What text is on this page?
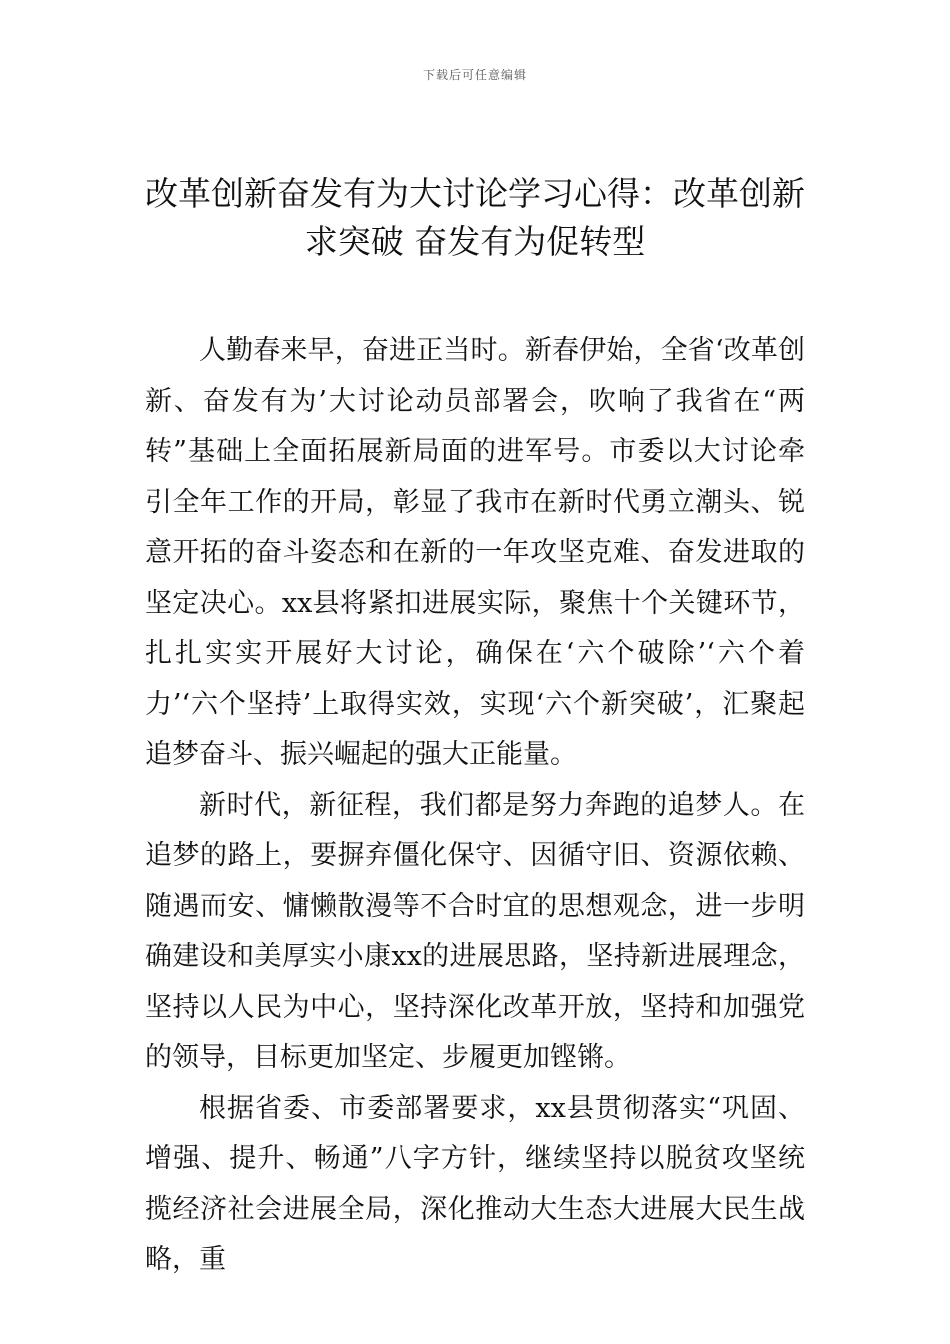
下载后可任意编辑
改革创新奋发有为大讨论学习心得：改革创新求突破 奋发有为促转型

人勤春来早，奋进正当时。新春伊始，全省‘改革创新、奋发有为’大讨论动员部署会，吹响了我省在“两转”基础上全面拓展新局面的进军号。市委以大讨论牵引全年工作的开局，彰显了我市在新时代勇立潮头、锐意开拓的奋斗姿态和在新的一年攻坚克难、奋发进取的坚定决心。xx县将紧扣进展实际，聚焦十个关键环节，扎扎实实开展好大讨论，确保在‘六个破除’‘六个着力’‘六个坚持’上取得实效，实现‘六个新突破’，汇聚起追梦奋斗、振兴崛起的强大正能量。

新时代，新征程，我们都是努力奔跑的追梦人。在追梦的路上，要摒弃僵化保守、因循守旧、资源依赖、随遇而安、慵懒散漫等不合时宜的思想观念，进一步明确建设和美厚实小康xx的进展思路，坚持新进展理念，坚持以人民为中心，坚持深化改革开放，坚持和加强党的领导，目标更加坚定、步履更加铿锵。

根据省委、市委部署要求，xx县贯彻落实“巩固、增强、提升、畅通”八字方针，继续坚持以脱贫攻坚统揽经济社会进展全局，深化推动大生态大进展大民生战略，重
